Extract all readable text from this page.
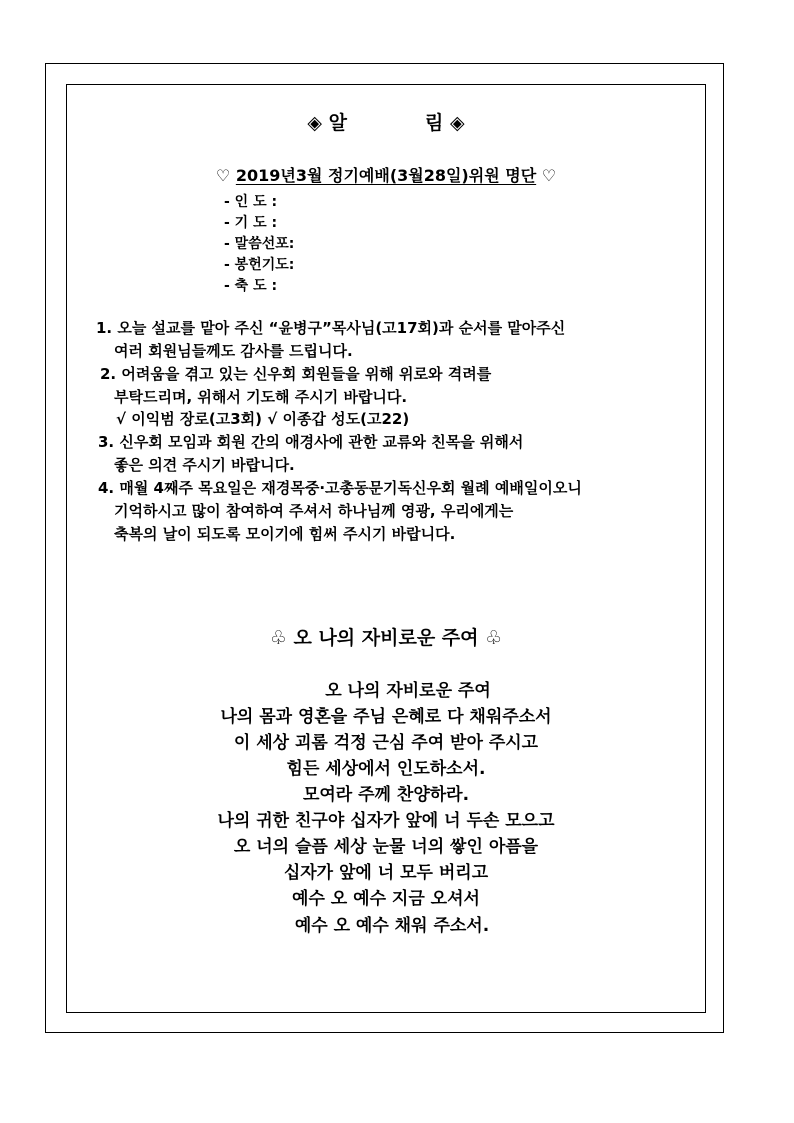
◈ 알	림 ◈
♡ 2019년3월 정기예배(3월28일)위원 명단 ♡
- 인 도 :
- 기 도 :
- 말씀선포:
- 봉헌기도:
- 축 도 :
1. 오늘 설교를 맡아 주신 “윤병구”목사님(고17회)과 순서를 맡아주신
여러 회원님들께도 감사를 드립니다.
2. 어려움을 겪고 있는 신우회 회원들을 위해 위로와 격려를
부탁드리며, 위해서 기도해 주시기 바랍니다.
√ 이익범 장로(고3회) √ 이종갑 성도(고22)
3. 신우회 모임과 회원 간의 애경사에 관한 교류와 친목을 위해서
좋은 의견 주시기 바랍니다.
4. 매월 4째주 목요일은 재경목중·고총동문기독신우회 월례 예배일이오니
기억하시고 많이 참여하여 주셔서 하나님께 영광, 우리에게는
축복의 날이 되도록 모이기에 힘써 주시기 바랍니다.
♧ 오 나의 자비로운 주여 ♧
오 나의 자비로운 주여
나의 몸과 영혼을 주님 은혜로 다 채워주소서
이 세상 괴롬 걱정 근심 주여 받아 주시고
힘든 세상에서 인도하소서.
모여라 주께 찬양하라.
나의 귀한 친구야 십자가 앞에 너 두손 모으고
오 너의 슬픔 세상 눈물 너의 쌓인 아픔을
십자가 앞에 너 모두 버리고
예수 오 예수 지금 오셔서
예수 오 예수 채워 주소서.
